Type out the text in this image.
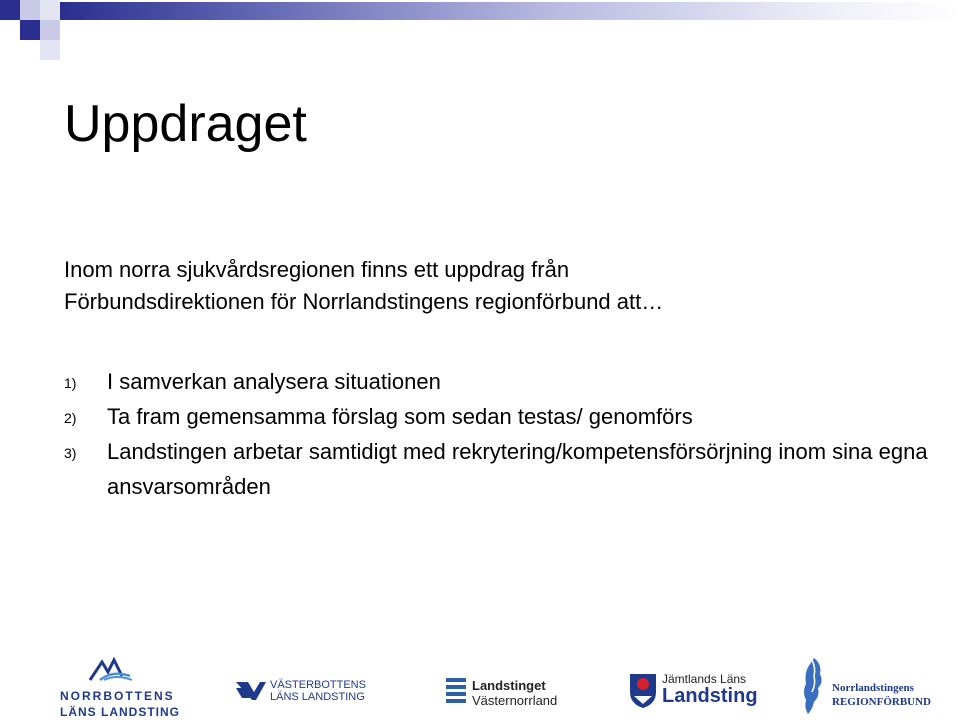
Uppdraget

Inom norra sjukvårdsregionen finns ett uppdrag från

Förbundsdirektionen för Norrlandstingens regionförbund att…

1) I samverkan analysera situationen
2) Ta fram gemensamma förslag som sedan testas/ genomförs
3) Landstingen arbetar samtidigt med rekrytering/kompetensförsörjning inom sina egna ansvarsområden
NORRBOTTENS
LÄNS LANDSTING
VÄSTERBOTTENS
LÄNS LANDSTING
Landstinget
Västernorrland
Jämtlands Läns
Landsting	Norrlandstingens
REGIONFÖRBUND
